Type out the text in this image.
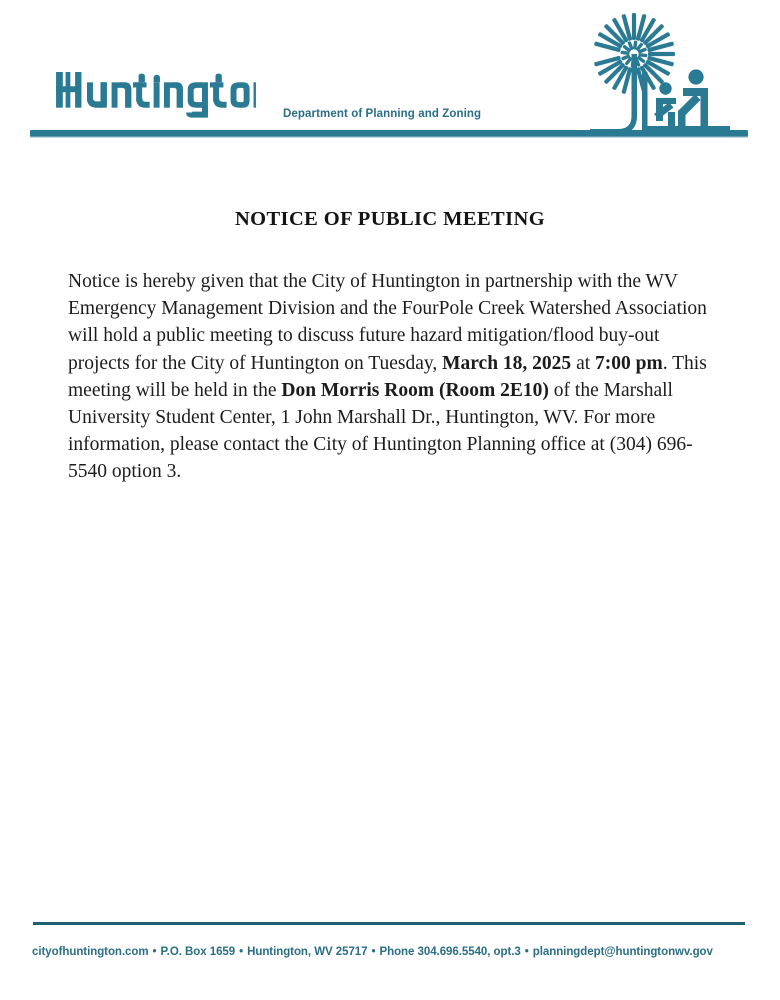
Department of Planning and Zoning
NOTICE OF PUBLIC MEETING
Notice is hereby given that the City of Huntington in partnership with the WV Emergency Management Division and the FourPole Creek Watershed Association will hold a public meeting to discuss future hazard mitigation/flood buy-out projects for the City of Huntington on Tuesday, March 18, 2025 at 7:00 pm. This meeting will be held in the Don Morris Room (Room 2E10) of the Marshall University Student Center, 1 John Marshall Dr., Huntington, WV. For more information, please contact the City of Huntington Planning office at (304) 696-5540 option 3.
cityofhuntington.com • P.O. Box 1659 • Huntington, WV 25717 • Phone 304.696.5540, opt.3 • planningdept@huntingtonwv.gov
